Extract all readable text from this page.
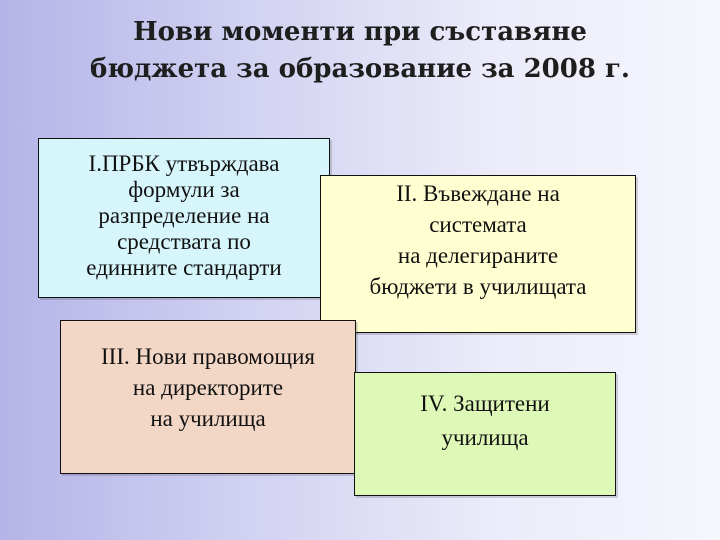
Нови моменти при съставяне
бюджета за образование за 2008 г.
I.ПРБК утвърждава
формули за
разпределение на
средствата по
единните стандарти
II. Въвеждане на
системата
на делегираните
бюджети в училищата
III. Нови правомощия
на директорите
на училища
IV. Защитени
училища
